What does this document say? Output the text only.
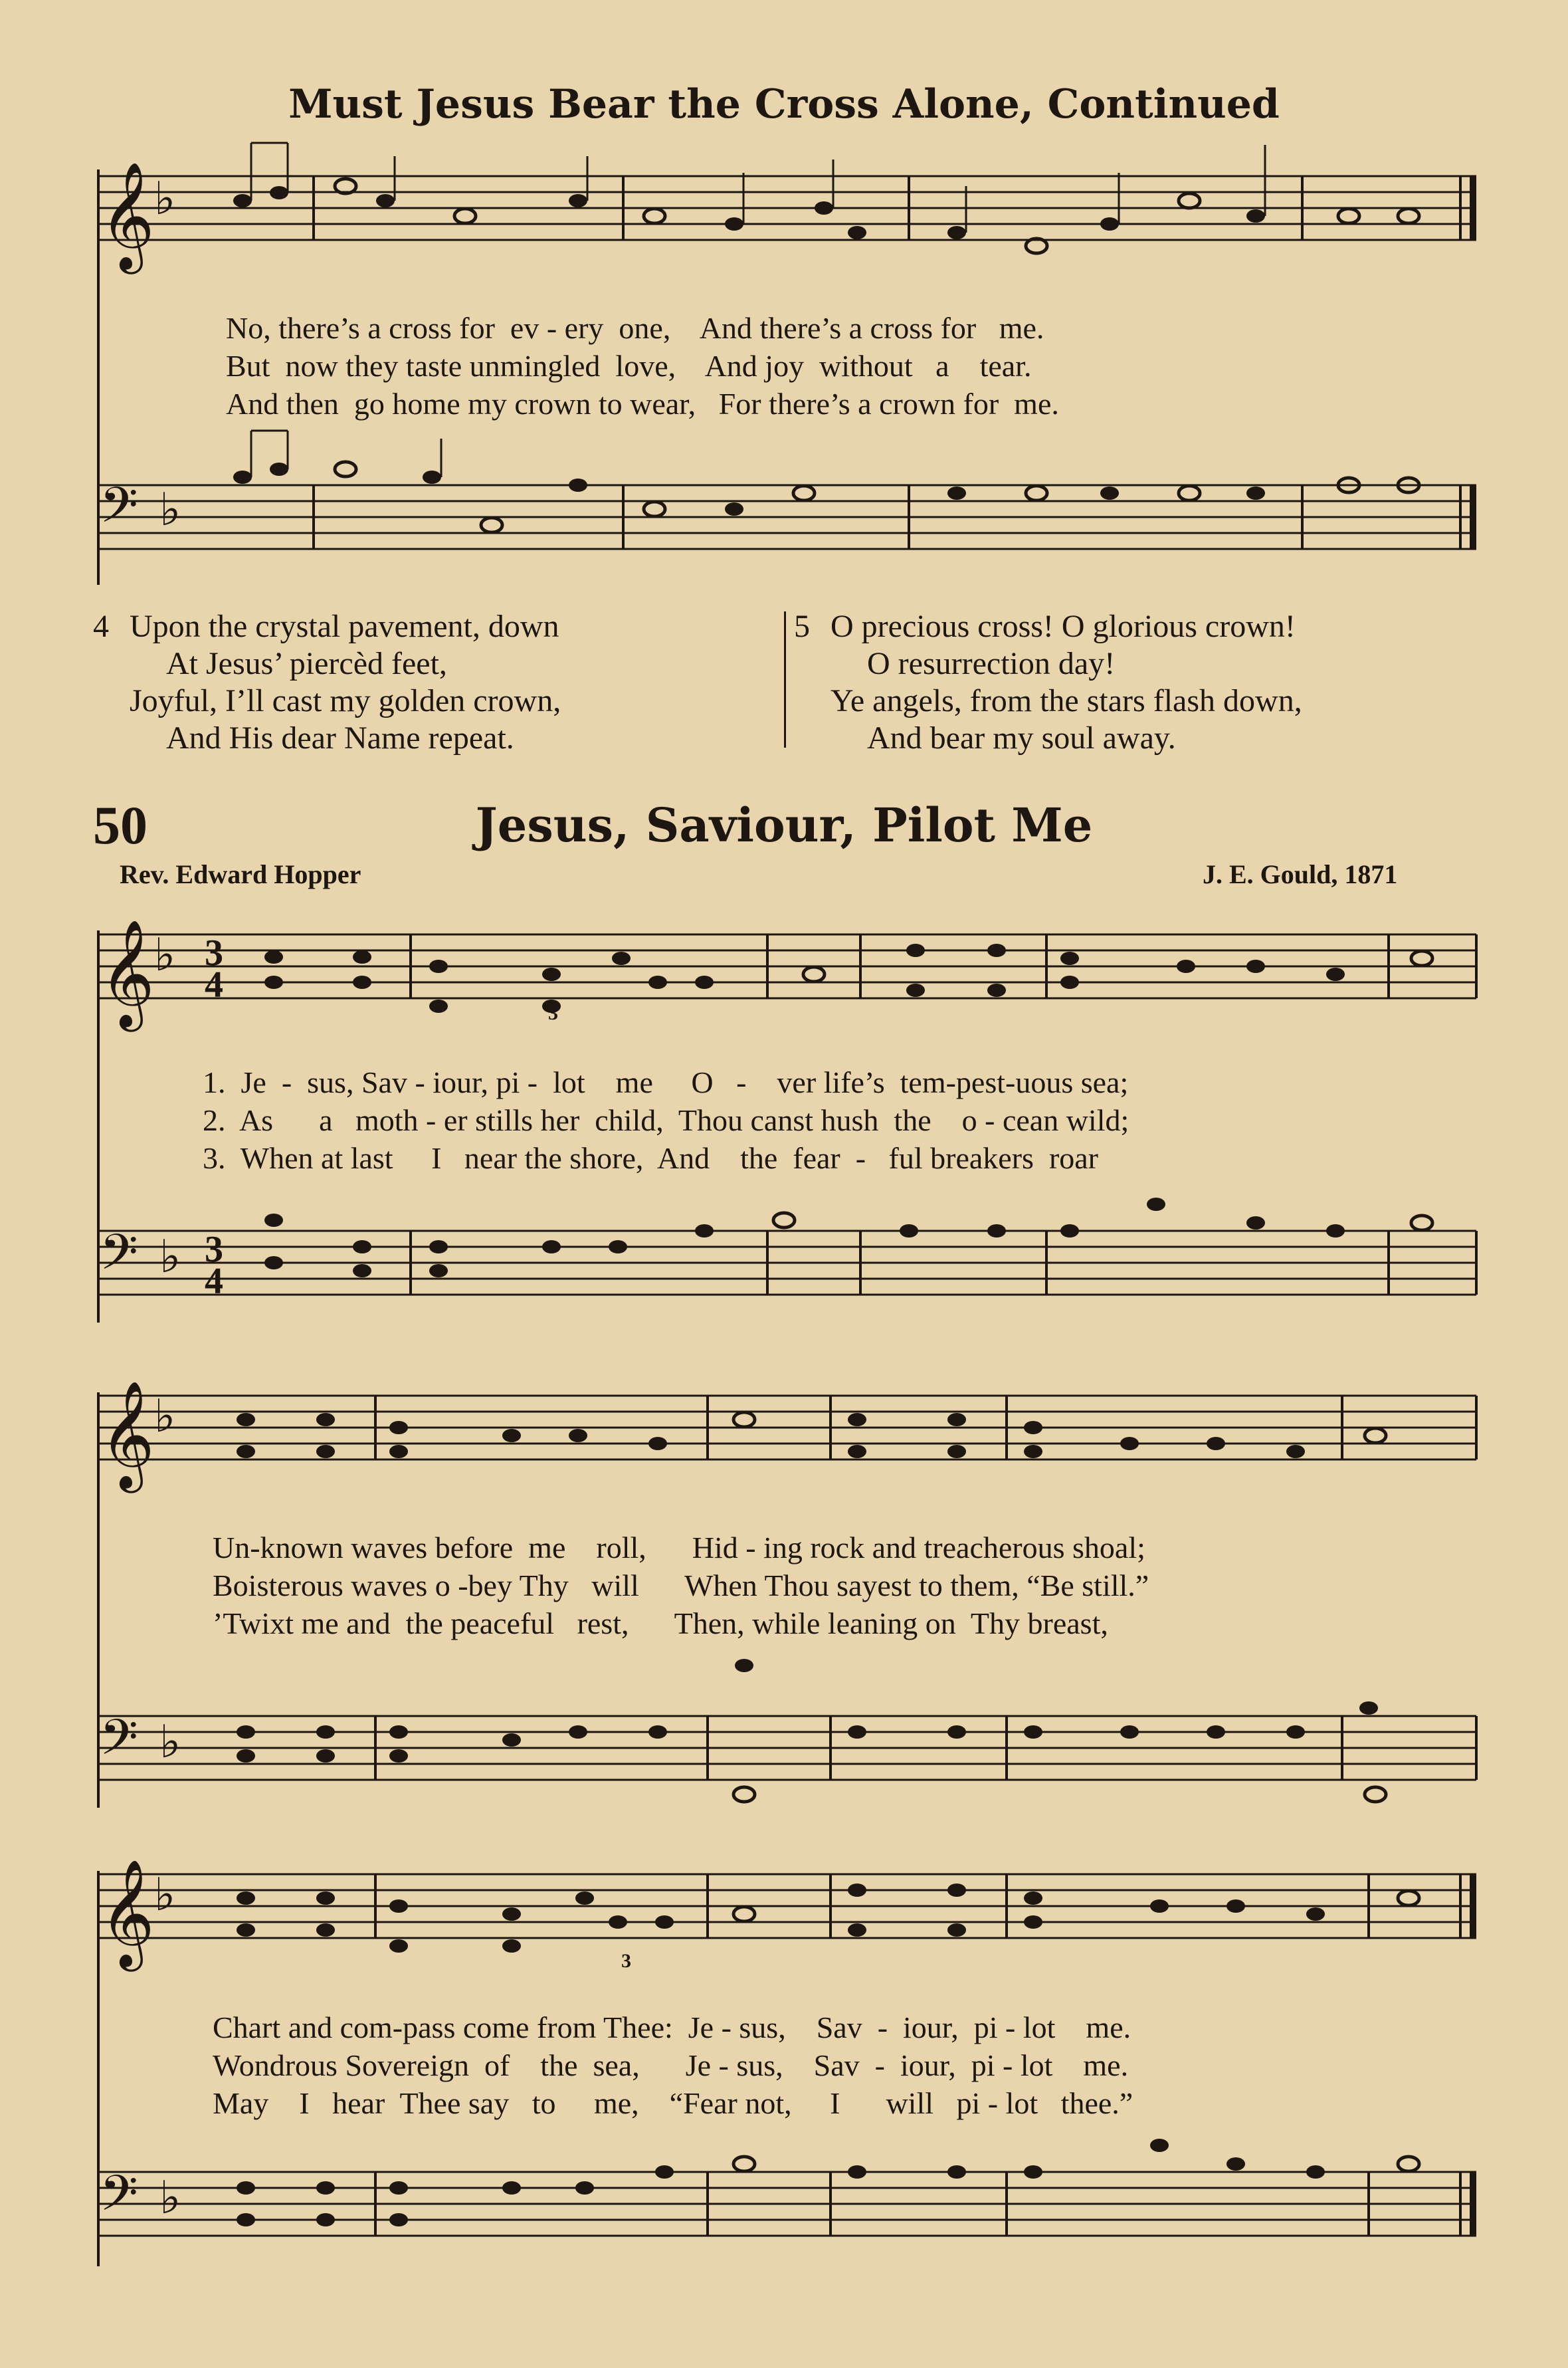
Must Jesus Bear the Cross Alone, Continued
𝄞 ♭
𝄢 ♭
No, there’s a cross for  ev - ery  one,    And there’s a cross for   me.
But  now they taste unmingled  love,    And joy  without   a    tear.
And then  go home my crown to wear,   For there’s a crown for  me.
4 Upon the crystal pavement, down
At Jesus’ piercèd feet,
Joyful, I’ll cast my golden crown,
And His dear Name repeat.
5 O precious cross! O glorious crown!
O resurrection day!
Ye angels, from the stars flash down,
And bear my soul away.
50	Jesus, Saviour, Pilot Me
Rev. Edward Hopper	J. E. Gould, 1871
𝄞 ♭
𝄢 ♭
3
4
3
4
3
𝄞 ♭
𝄢 ♭
𝄞 ♭
𝄢 ♭
3
1.  Je  -  sus, Sav - iour, pi -  lot    me     O   -    ver life’s  tem-pest-uous sea;
2.  As      a   moth - er stills her  child,  Thou canst hush  the    o - cean wild;
3.  When at last     I   near the shore,  And    the  fear  -   ful breakers  roar
Un-known waves before  me    roll,      Hid - ing rock and treacherous shoal;
Boisterous waves o -bey Thy   will      When Thou sayest to them, “Be still.”
’Twixt me and  the peaceful   rest,      Then, while leaning on  Thy breast,
Chart and com-pass come from Thee:  Je - sus,    Sav  -  iour,  pi - lot    me.
Wondrous Sovereign  of    the  sea,      Je - sus,    Sav  -  iour,  pi - lot    me.
May    I   hear  Thee say   to     me,    “Fear not,     I      will   pi - lot   thee.”
